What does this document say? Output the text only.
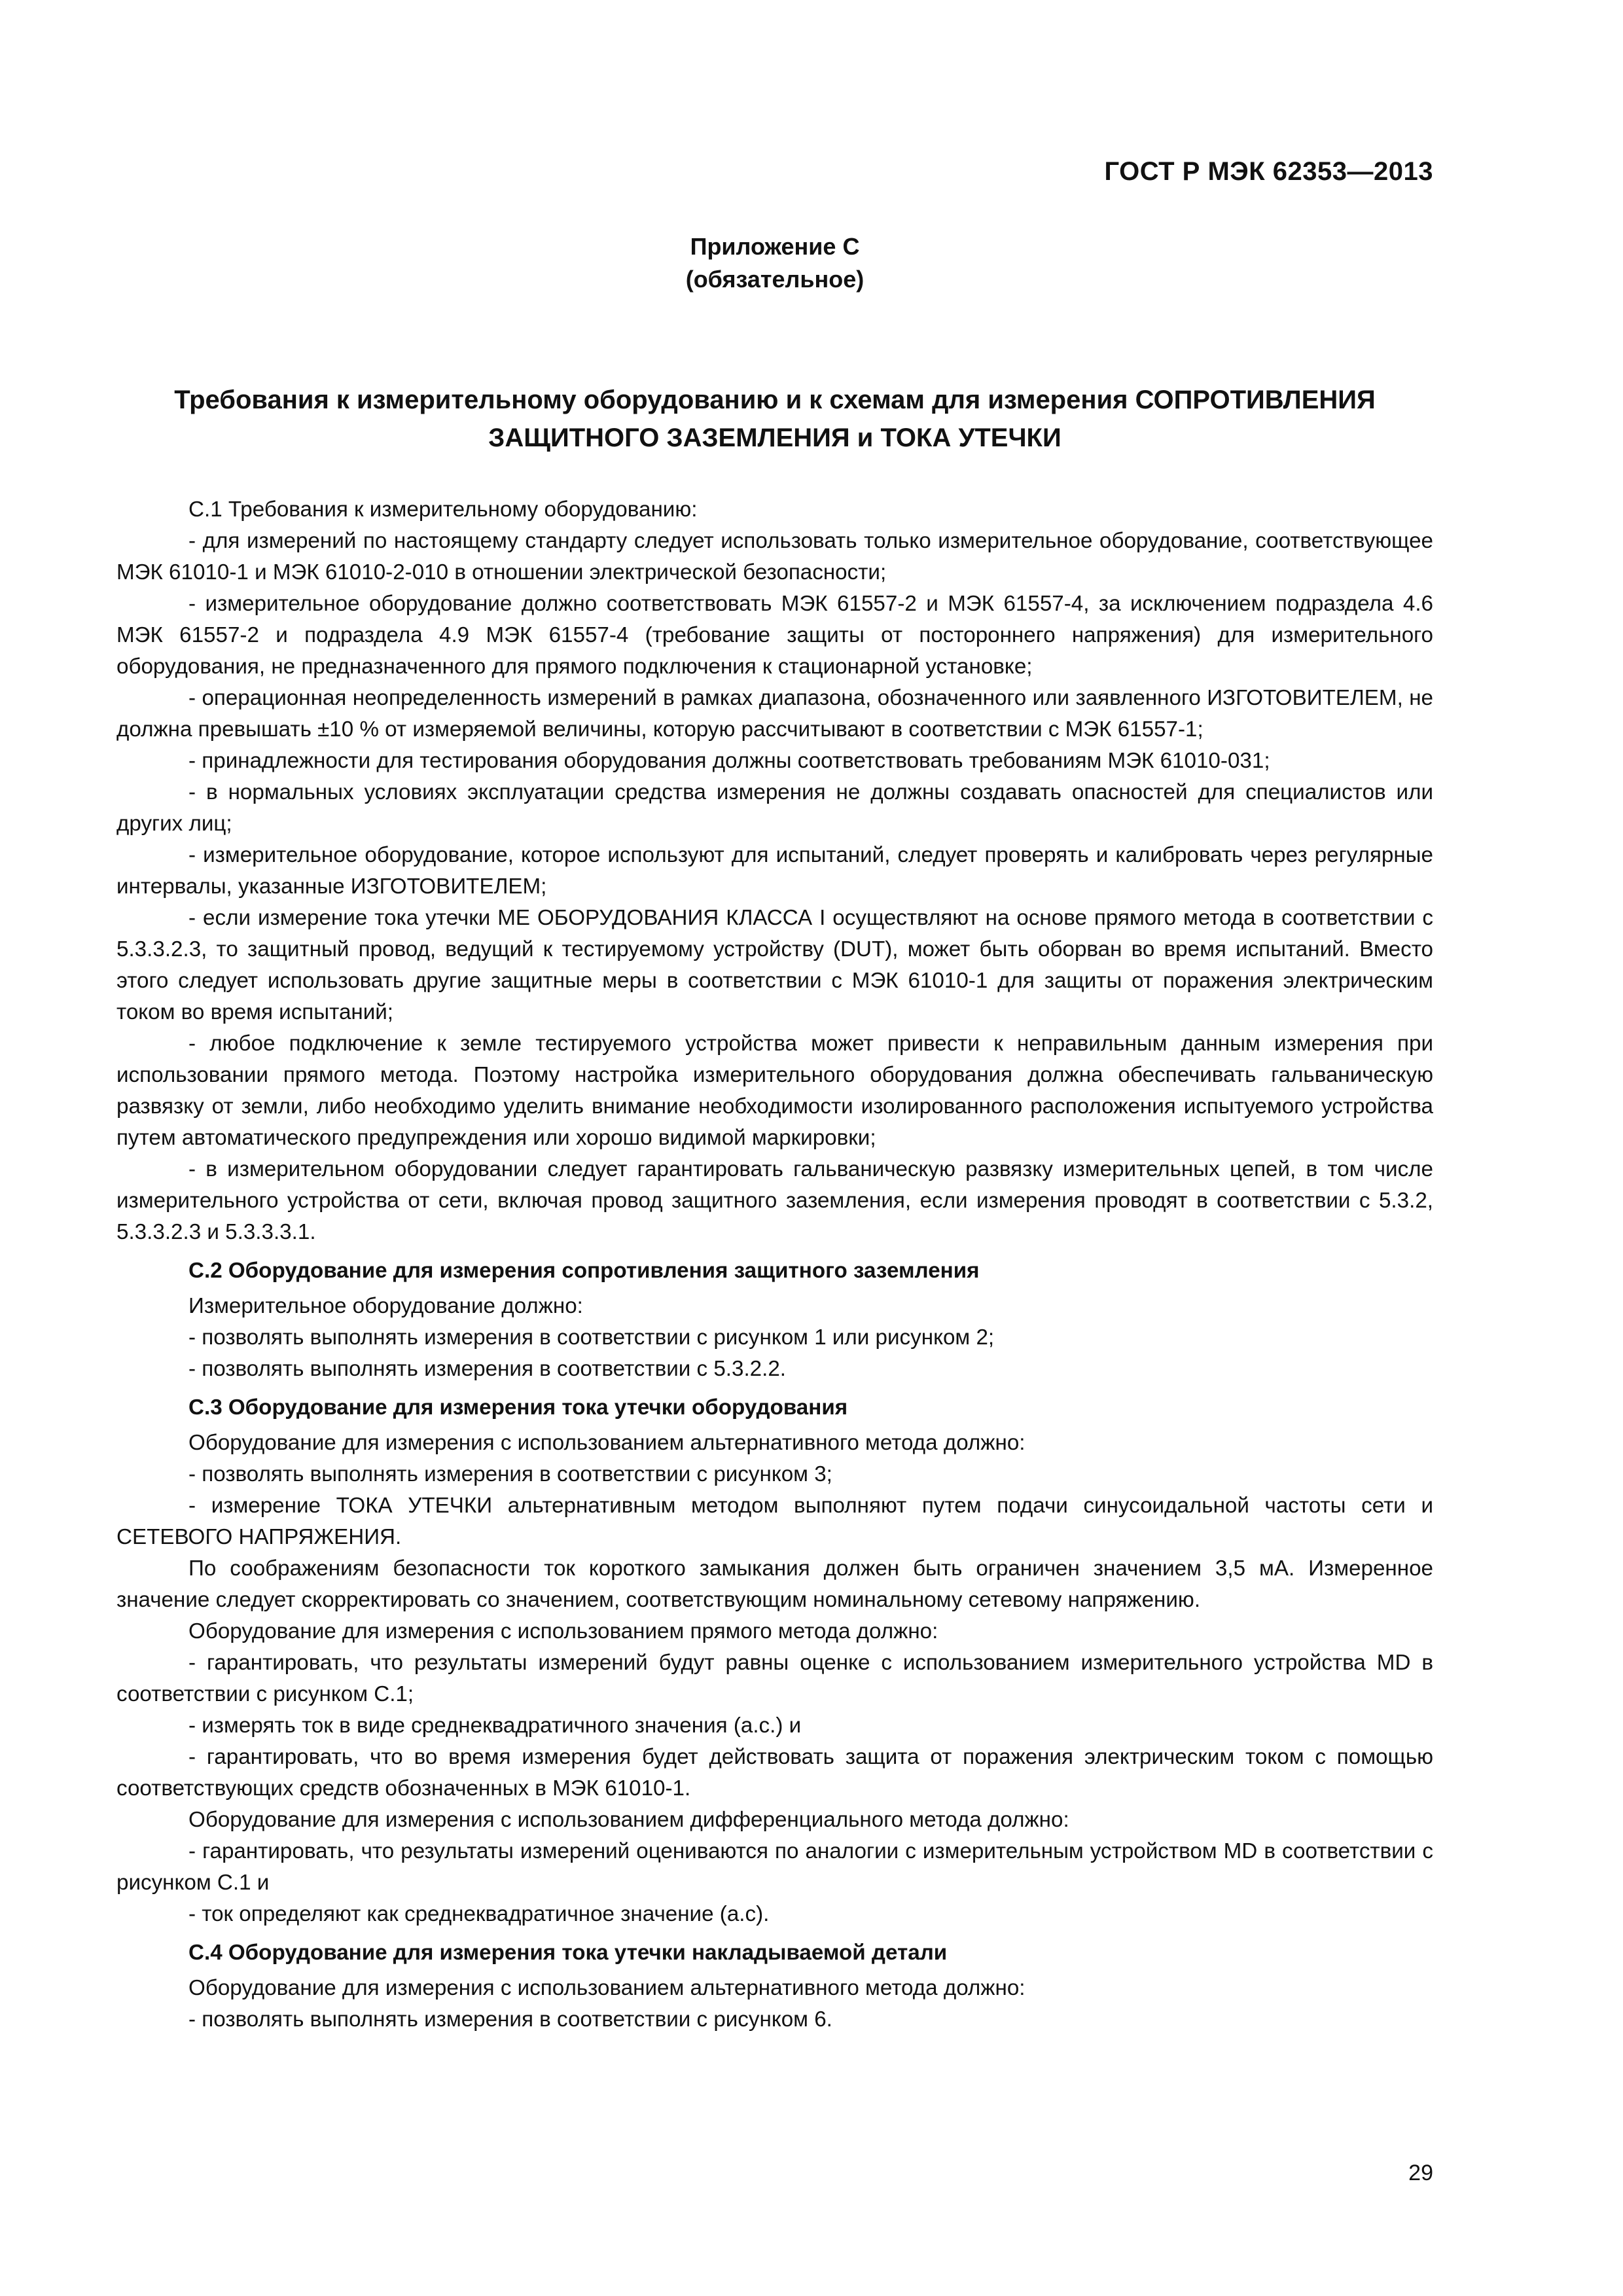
ГОСТ Р МЭК 62353—2013
Приложение С
(обязательное)
Требования к измерительному оборудованию и к схемам для измерения СОПРОТИВЛЕНИЯ
ЗАЩИТНОГО ЗАЗЕМЛЕНИЯ и ТОКА УТЕЧКИ

С.1 Требования к измерительному оборудованию:

- для измерений по настоящему стандарту следует использовать только измерительное оборудование, соответствующее МЭК 61010-1 и МЭК 61010-2-010 в отношении электрической безопасности;

- измерительное оборудование должно соответствовать МЭК 61557-2 и МЭК 61557-4, за исключением подраздела 4.6 МЭК 61557-2 и подраздела 4.9 МЭК 61557-4 (требование защиты от постороннего напряжения) для измерительного оборудования, не предназначенного для прямого подключения к стационарной установке;

- операционная неопределенность измерений в рамках диапазона, обозначенного или заявленного ИЗГОТОВИТЕЛЕМ, не должна превышать ±10 % от измеряемой величины, которую рассчитывают в соответствии с МЭК 61557-1;

- принадлежности для тестирования оборудования должны соответствовать требованиям МЭК 61010-031;

- в нормальных условиях эксплуатации средства измерения не должны создавать опасностей для специалистов или других лиц;

- измерительное оборудование, которое используют для испытаний, следует проверять и калибровать через регулярные интервалы, указанные ИЗГОТОВИТЕЛЕМ;

- если измерение тока утечки МЕ ОБОРУДОВАНИЯ КЛАССА I осуществляют на основе прямого метода в соответствии с 5.3.3.2.3, то защитный провод, ведущий к тестируемому устройству (DUT), может быть оборван во время испытаний. Вместо этого следует использовать другие защитные меры в соответствии с МЭК 61010-1 для защиты от поражения электрическим током во время испытаний;

- любое подключение к земле тестируемого устройства может привести к неправильным данным измерения при использовании прямого метода. Поэтому настройка измерительного оборудования должна обеспечивать гальваническую развязку от земли, либо необходимо уделить внимание необходимости изолированного расположения испытуемого устройства путем автоматического предупреждения или хорошо видимой маркировки;

- в измерительном оборудовании следует гарантировать гальваническую развязку измерительных цепей, в том числе измерительного устройства от сети, включая провод защитного заземления, если измерения проводят в соответствии с 5.3.2, 5.3.3.2.3 и 5.3.3.3.1.

С.2 Оборудование для измерения сопротивления защитного заземления

Измерительное оборудование должно:

- позволять выполнять измерения в соответствии с рисунком 1 или рисунком 2;

- позволять выполнять измерения в соответствии с 5.3.2.2.

С.3 Оборудование для измерения тока утечки оборудования

Оборудование для измерения с использованием альтернативного метода должно:

- позволять выполнять измерения в соответствии с рисунком 3;

- измерение ТОКА УТЕЧКИ альтернативным методом выполняют путем подачи синусоидальной частоты сети и СЕТЕВОГО НАПРЯЖЕНИЯ.

По соображениям безопасности ток короткого замыкания должен быть ограничен значением 3,5 мА. Измеренное значение следует скорректировать со значением, соответствующим номинальному сетевому напряжению.

Оборудование для измерения с использованием прямого метода должно:

- гарантировать, что результаты измерений будут равны оценке с использованием измерительного устройства MD в соответствии с рисунком С.1;

- измерять ток в виде среднеквадратичного значения (а.с.) и

- гарантировать, что во время измерения будет действовать защита от поражения электрическим током с помощью соответствующих средств обозначенных в МЭК 61010-1.

Оборудование для измерения с использованием дифференциального метода должно:

- гарантировать, что результаты измерений оцениваются по аналогии с измерительным устройством MD в соответствии с рисунком С.1 и

- ток определяют как среднеквадратичное значение (а.с).

С.4 Оборудование для измерения тока утечки накладываемой детали

Оборудование для измерения с использованием альтернативного метода должно:

- позволять выполнять измерения в соответствии с рисунком 6.

29
